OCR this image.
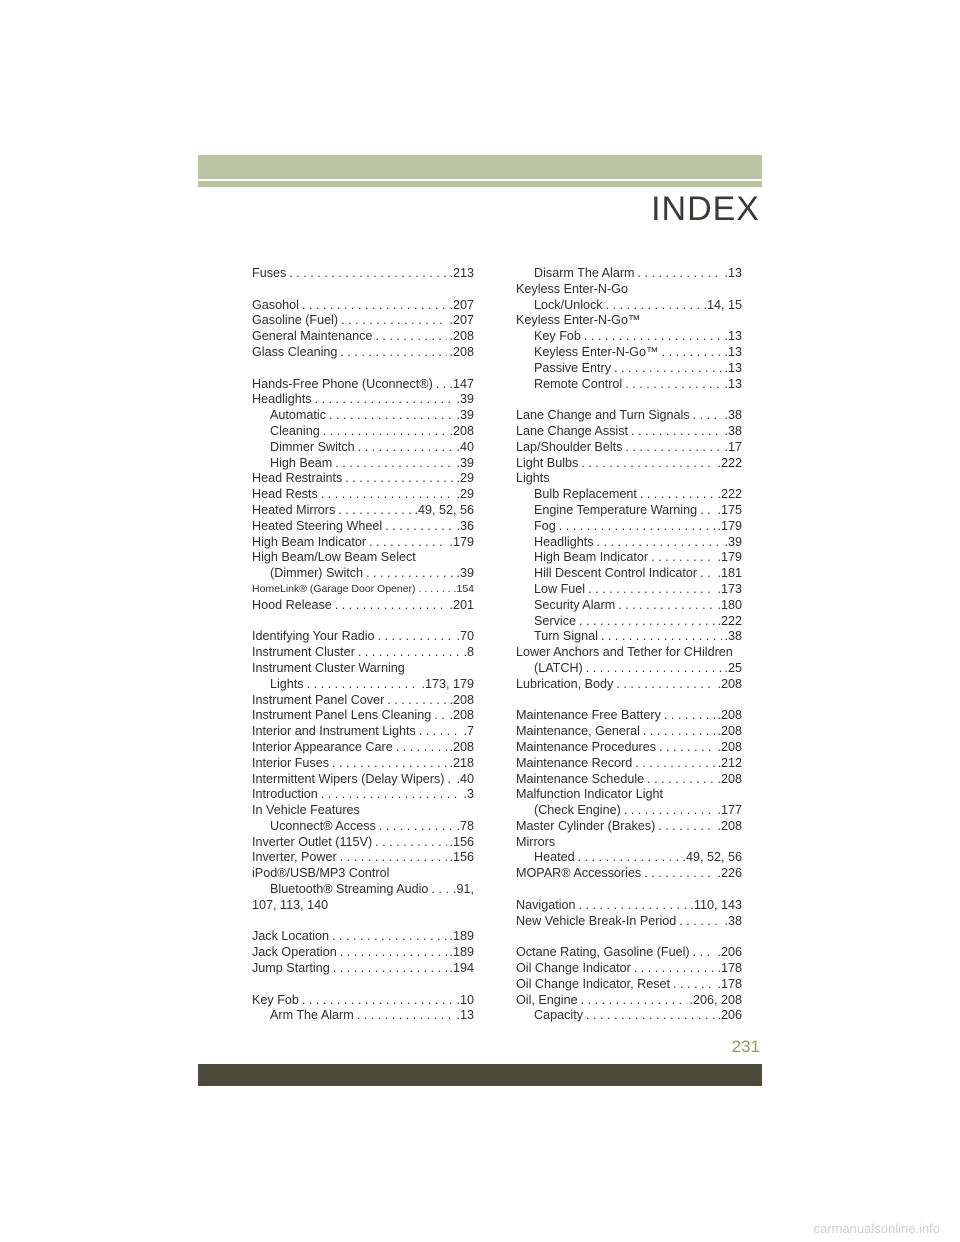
INDEX
Fuses . . .	.213
Gasohol . . .	.207
Gasoline (Fuel) . . .	.207
General Maintenance . . .	.208
Glass Cleaning . . .	.208
Hands-Free Phone (Uconnect®) . . . .147
Headlights . . .	.39
Automatic . . .	.39
Cleaning . . .	.208
Dimmer Switch . . .	.40
High Beam . . .	.39
Head Restraints . . .	.29
Head Rests . . .	.29
Heated Mirrors . . .	.49, 52, 56
Heated Steering Wheel . . .	.36
High Beam Indicator . . .	.179
High Beam/Low Beam Select
(Dimmer) Switch . . .	.39
HomeLink® (Garage Door Opener) . . .	.154
Hood Release . . .	.201
Identifying Your Radio . . .	.70
Instrument Cluster . . .	.8
Instrument Cluster Warning
Lights . . .	.173, 179
Instrument Panel Cover . . .	.208
Instrument Panel Lens Cleaning . . . .208
Interior and Instrument Lights . . .	.7
Interior Appearance Care . . .	.208
Interior Fuses . . .	.218
Intermittent Wipers (Delay Wipers) . . . .40
Introduction . . .	.3
In Vehicle Features
Uconnect® Access . . .	.78
Inverter Outlet (115V) . . .	.156
Inverter, Power . . .	.156
iPod®/USB/MP3 Control
Bluetooth® Streaming Audio . . . .91,
107, 113, 140
Jack Location . . .	.189
Jack Operation . . .	.189
Jump Starting . . .	.194
Key Fob . . .	.10
Arm The Alarm . . .	.13
Disarm The Alarm . . .	.13
Keyless Enter-N-Go
Lock/Unlock . . .	.14, 15
Keyless Enter-N-Go™
Key Fob . . .	.13
Keyless Enter-N-Go™ . . .	.13
Passive Entry . . .	.13
Remote Control . . .	.13
Lane Change and Turn Signals . . .	.38
Lane Change Assist . . .	.38
Lap/Shoulder Belts . . .	.17
Light Bulbs . . .	.222
Lights
Bulb Replacement . . .	.222
Engine Temperature Warning . . . .175
Fog . . .	.179
Headlights . . .	.39
High Beam Indicator . . .	.179
Hill Descent Control Indicator . . . .181
Low Fuel . . .	.173
Security Alarm . . .	.180
Service . . .	.222
Turn Signal . . .	.38
Lower Anchors and Tether for CHildren
(LATCH) . . .	.25
Lubrication, Body . . .	.208
Maintenance Free Battery . . .	.208
Maintenance, General . . .	.208
Maintenance Procedures . . .	.208
Maintenance Record . . .	.212
Maintenance Schedule . . .	.208
Malfunction Indicator Light
(Check Engine) . . .	.177
Master Cylinder (Brakes) . . .	.208
Mirrors
Heated . . .	.49, 52, 56
MOPAR® Accessories . . .	.226
Navigation . . .	.110, 143
New Vehicle Break-In Period . . .	.38
Octane Rating, Gasoline (Fuel) . . . .206
Oil Change Indicator . . .	.178
Oil Change Indicator, Reset . . .	.178
Oil, Engine . . .	.206, 208
Capacity . . .	.206

231

carmanualsonline.info
